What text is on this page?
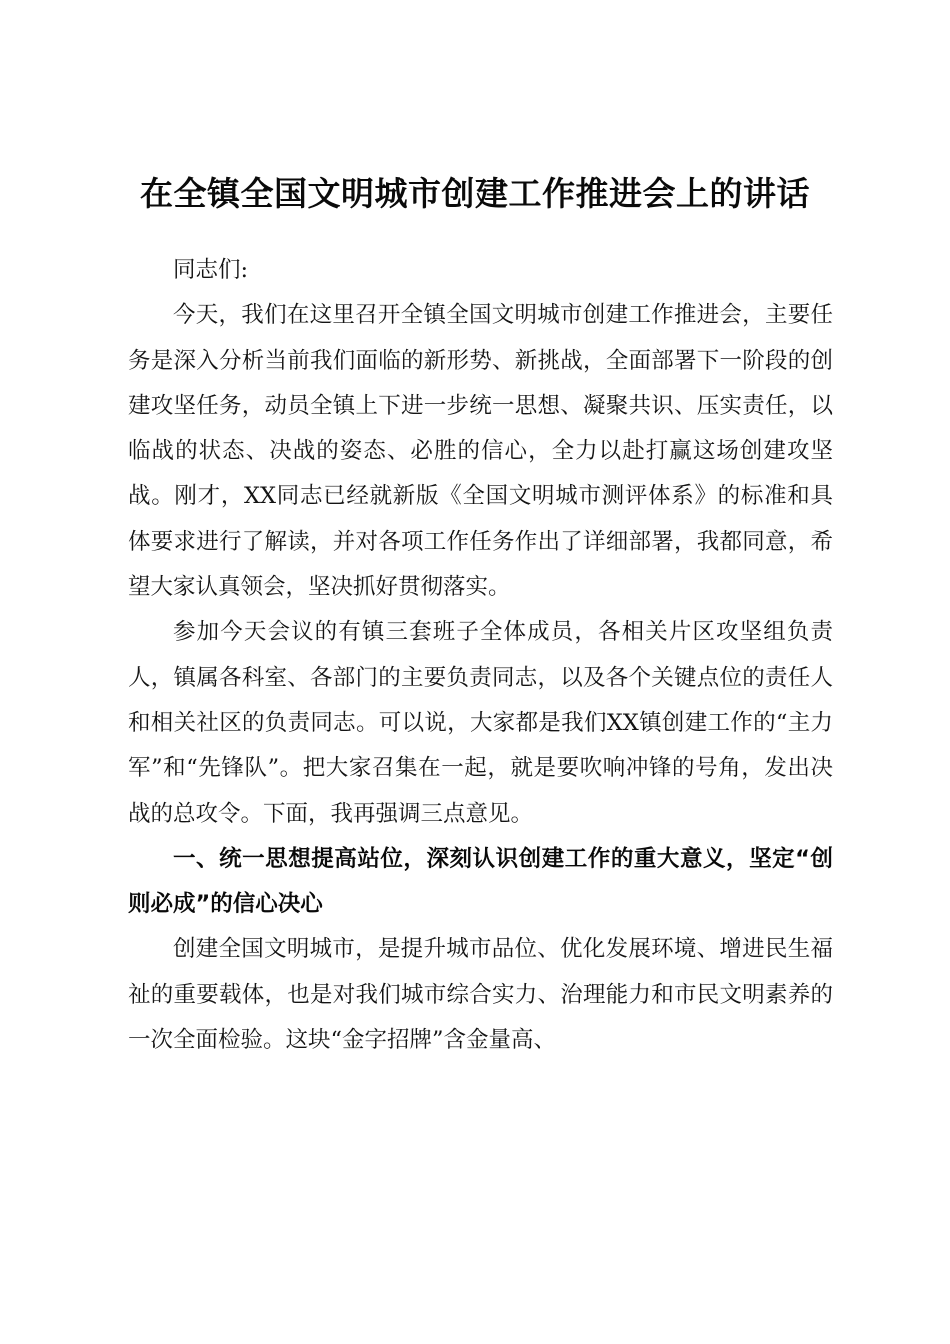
在全镇全国文明城市创建工作推进会上的讲话

同志们:

今天，我们在这里召开全镇全国文明城市创建工作推进会，主要任务是深入分析当前我们面临的新形势、新挑战，全面部署下一阶段的创建攻坚任务，动员全镇上下进一步统一思想、凝聚共识、压实责任，以临战的状态、决战的姿态、必胜的信心，全力以赴打赢这场创建攻坚战。刚才，XX同志已经就新版《全国文明城市测评体系》的标准和具体要求进行了解读，并对各项工作任务作出了详细部署，我都同意，希望大家认真领会，坚决抓好贯彻落实。

参加今天会议的有镇三套班子全体成员，各相关片区攻坚组负责人，镇属各科室、各部门的主要负责同志，以及各个关键点位的责任人和相关社区的负责同志。可以说，大家都是我们XX镇创建工作的“主力军”和“先锋队”。把大家召集在一起，就是要吹响冲锋的号角，发出决战的总攻令。下面，我再强调三点意见。

一、统一思想提高站位，深刻认识创建工作的重大意义，坚定“创则必成”的信心决心

创建全国文明城市，是提升城市品位、优化发展环境、增进民生福祉的重要载体，也是对我们城市综合实力、治理能力和市民文明素养的一次全面检验。这块“金字招牌”含金量高、
